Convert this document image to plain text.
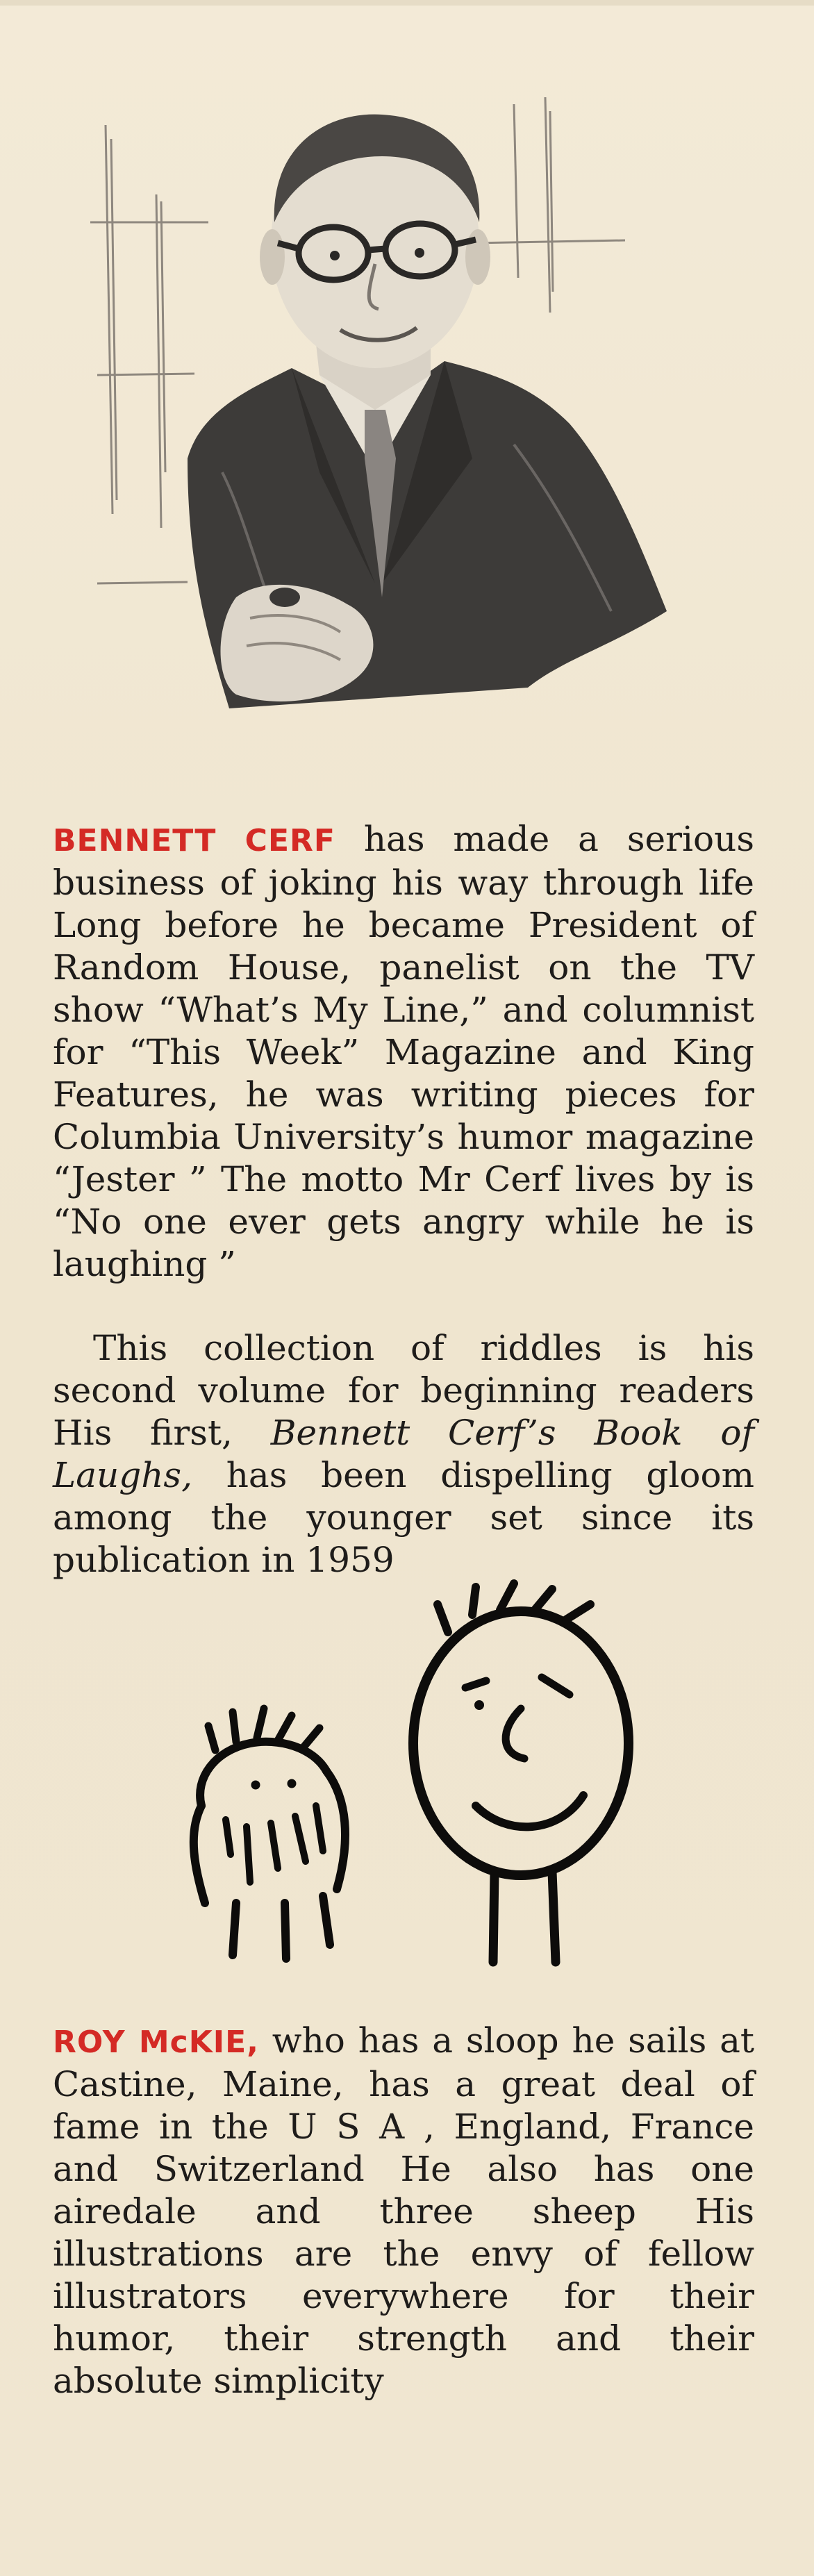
BENNETT CERF has made a serious business of joking his way through life Long before he became President of Random House, panelist on the TV show “What’s My Line,” and columnist for “This Week” Magazine and King Features, he was writing pieces for Columbia University’s humor magazine “Jester ” The motto Mr Cerf lives by is “No one ever gets angry while he is laughing ”

This collection of riddles is his second volume for beginning readers His first, Bennett Cerf’s Book of Laughs, has been dispelling gloom among the younger set since its publication in 1959

ROY McKIE, who has a sloop he sails at Castine, Maine, has a great deal of fame in the U S A , England, France and Switzerland He also has one airedale and three sheep His illustrations are the envy of fellow illustrators everywhere for their humor, their strength and their absolute simplicity
